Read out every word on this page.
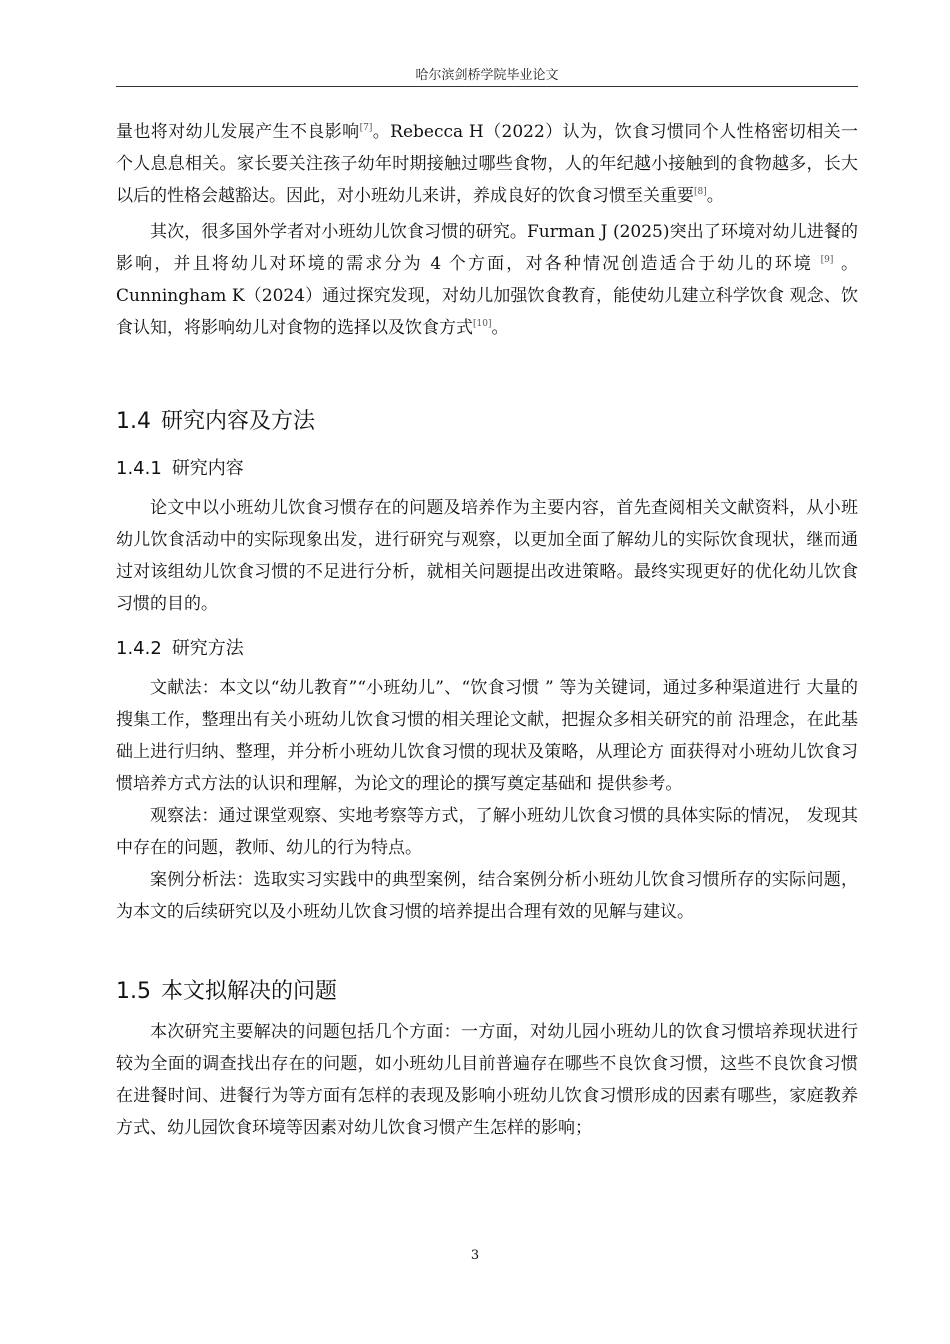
哈尔滨剑桥学院毕业论文

量也将对幼儿发展产生不良影响[7]。Rebecca H（2022）认为，饮食习惯同个人性格密切相关一个人息息相关。家长要关注孩子幼年时期接触过哪些食物，人的年纪越小接触到的食物越多，长大以后的性格会越豁达。因此，对小班幼儿来讲，养成良好的饮食习惯至关重要[8]。

其次，很多国外学者对小班幼儿饮食习惯的研究。Furman J (2025)突出了环境对幼儿进餐的影响，并且将幼儿对环境的需求分为 4 个方面，对各种情况创造适合于幼儿的环境 [9] 。Cunningham K（2024）通过探究发现，对幼儿加强饮食教育，能使幼儿建立科学饮食 观念、饮食认知，将影响幼儿对食物的选择以及饮食方式[10]。

1.4 研究内容及方法
1.4.1 研究内容

论文中以小班幼儿饮食习惯存在的问题及培养作为主要内容，首先查阅相关文献资料，从小班幼儿饮食活动中的实际现象出发，进行研究与观察，以更加全面了解幼儿的实际饮食现状，继而通过对该组幼儿饮食习惯的不足进行分析，就相关问题提出改进策略。最终实现更好的优化幼儿饮食习惯的目的。

1.4.2 研究方法

文献法：本文以“幼儿教育”“小班幼儿”、“饮食习惯 ” 等为关键词，通过多种渠道进行 大量的搜集工作，整理出有关小班幼儿饮食习惯的相关理论文献，把握众多相关研究的前 沿理念，在此基础上进行归纳、整理，并分析小班幼儿饮食习惯的现状及策略，从理论方 面获得对小班幼儿饮食习惯培养方式方法的认识和理解，为论文的理论的撰写奠定基础和 提供参考。

观察法：通过课堂观察、实地考察等方式，了解小班幼儿饮食习惯的具体实际的情况， 发现其中存在的问题，教师、幼儿的行为特点。

案例分析法：选取实习实践中的典型案例，结合案例分析小班幼儿饮食习惯所存的实际问题，为本文的后续研究以及小班幼儿饮食习惯的培养提出合理有效的见解与建议。

1.5 本文拟解决的问题

本次研究主要解决的问题包括几个方面：一方面，对幼儿园小班幼儿的饮食习惯培养现状进行较为全面的调查找出存在的问题，如小班幼儿目前普遍存在哪些不良饮食习惯，这些不良饮食习惯在进餐时间、进餐行为等方面有怎样的表现及影响小班幼儿饮食习惯形成的因素有哪些，家庭教养方式、幼儿园饮食环境等因素对幼儿饮食习惯产生怎样的影响；

3
